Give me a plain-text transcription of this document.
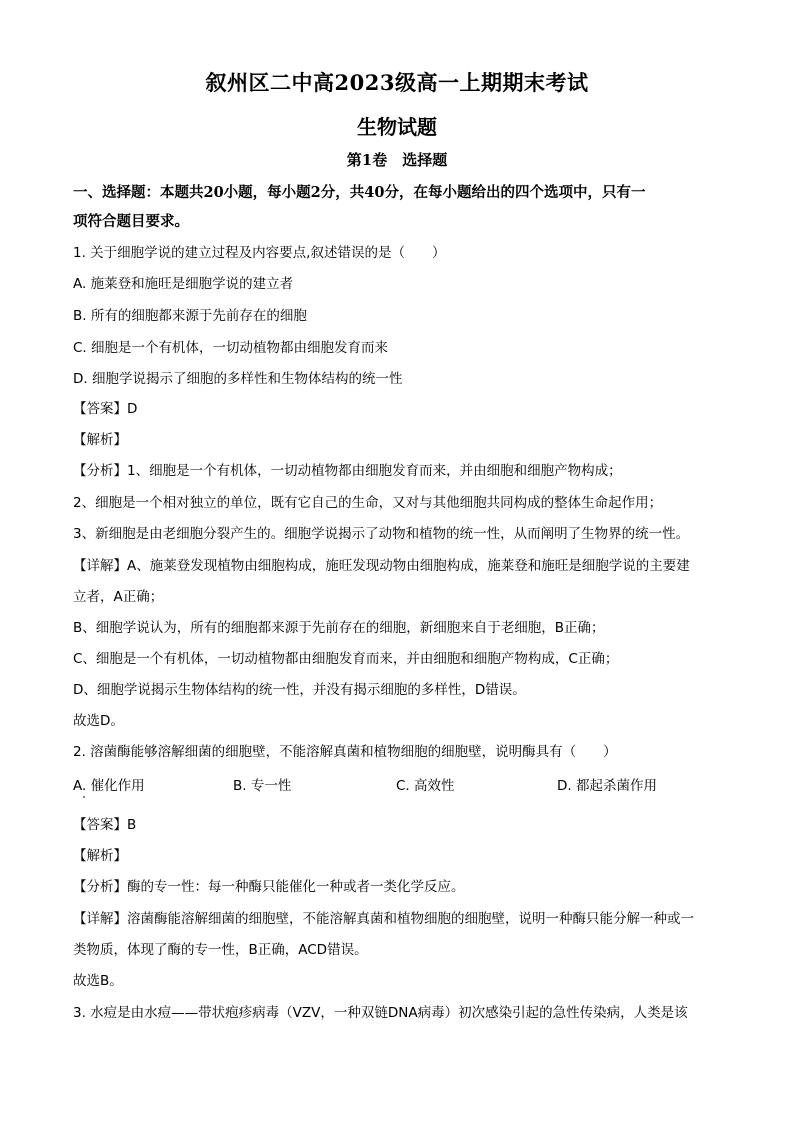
叙州区二中高2023级高一上期期末考试
生物试题
第1卷　选择题
一、选择题：本题共20小题，每小题2分，共40分，在每小题给出的四个选项中，只有一
项符合题目要求。
1. 关于细胞学说的建立过程及内容要点,叙述错误的是（　　）
A. 施莱登和施旺是细胞学说的建立者
B. 所有的细胞都来源于先前存在的细胞
C. 细胞是一个有机体，一切动植物都由细胞发育而来
D. 细胞学说揭示了细胞的多样性和生物体结构的统一性
【答案】D
【解析】
【分析】1、细胞是一个有机体，一切动植物都由细胞发育而来，并由细胞和细胞产物构成；
2、细胞是一个相对独立的单位，既有它自己的生命，又对与其他细胞共同构成的整体生命起作用；
3、新细胞是由老细胞分裂产生的。细胞学说揭示了动物和植物的统一性，从而阐明了生物界的统一性。
【详解】A、施莱登发现植物由细胞构成，施旺发现动物由细胞构成，施莱登和施旺是细胞学说的主要建
立者，A正确；
B、细胞学说认为，所有的细胞都来源于先前存在的细胞，新细胞来自于老细胞，B正确；
C、细胞是一个有机体，一切动植物都由细胞发育而来，并由细胞和细胞产物构成，C正确；
D、细胞学说揭示生物体结构的统一性，并没有揭示细胞的多样性，D错误。
故选D。
2. 溶菌酶能够溶解细菌的细胞壁，不能溶解真菌和植物细胞的细胞壁，说明酶具有（　　）
A. 催化作用	B. 专一性	C. 高效性	D. 都起杀菌作用
【答案】B
【解析】
【分析】酶的专一性：每一种酶只能催化一种或者一类化学反应。
【详解】溶菌酶能溶解细菌的细胞壁，不能溶解真菌和植物细胞的细胞壁，说明一种酶只能分解一种或一
类物质，体现了酶的专一性，B正确，ACD错误。
故选B。
3. 水痘是由水痘——带状疱疹病毒（VZV，一种双链DNA病毒）初次感染引起的急性传染病，人类是该
